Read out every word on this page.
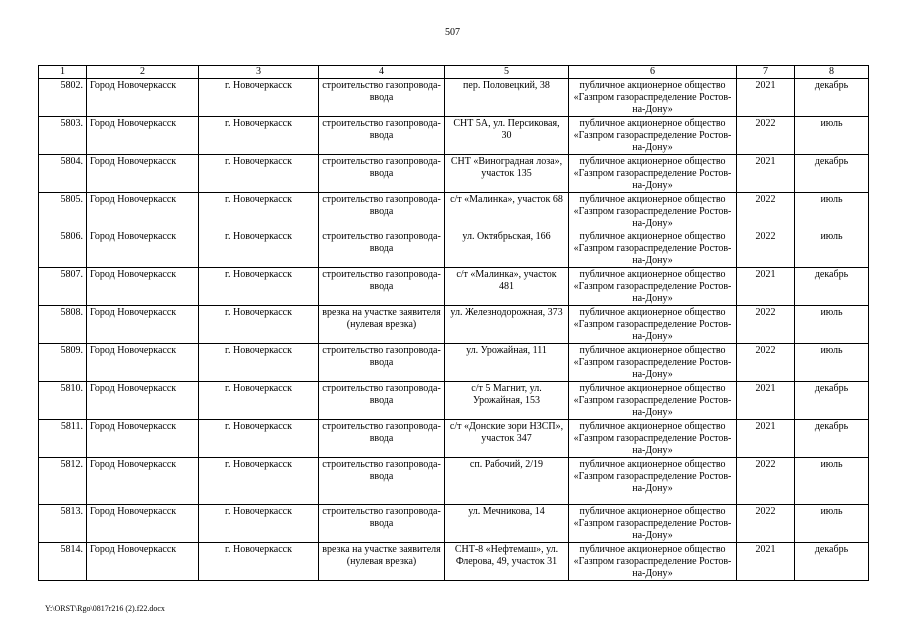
507
1	2	3	4	5	6	7	8
5802.	Город Новочеркасск	г. Новочеркасск	строительство газопровода-ввода	пер. Половецкий, 38	публичное акционерное общество «Газпром газораспределение Ростов-на-Дону»	2021	декабрь
5803.	Город Новочеркасск	г. Новочеркасск	строительство газопровода-ввода	СНТ 5А, ул. Персиковая, 30	публичное акционерное общество «Газпром газораспределение Ростов-на-Дону»	2022	июль
5804.	Город Новочеркасск	г. Новочеркасск	строительство газопровода-ввода	СНТ «Виноградная лоза», участок 135	публичное акционерное общество «Газпром газораспределение Ростов-на-Дону»	2021	декабрь
5805.	Город Новочеркасск	г. Новочеркасск	строительство газопровода-ввода	с/т «Малинка», участок 68	публичное акционерное общество «Газпром газораспределение Ростов-на-Дону»	2022	июль
5806.	Город Новочеркасск	г. Новочеркасск	строительство газопровода-ввода	ул. Октябрьская, 166	публичное акционерное общество «Газпром газораспределение Ростов-на-Дону»	2022	июль
5807.	Город Новочеркасск	г. Новочеркасск	строительство газопровода-ввода	с/т «Малинка», участок 481	публичное акционерное общество «Газпром газораспределение Ростов-на-Дону»	2021	декабрь
5808.	Город Новочеркасск	г. Новочеркасск	врезка на участке заявителя (нулевая врезка)	ул. Железнодорожная, 373	публичное акционерное общество «Газпром газораспределение Ростов-на-Дону»	2022	июль
5809.	Город Новочеркасск	г. Новочеркасск	строительство газопровода-ввода	ул. Урожайная, 111	публичное акционерное общество «Газпром газораспределение Ростов-на-Дону»	2022	июль
5810.	Город Новочеркасск	г. Новочеркасск	строительство газопровода-ввода	с/т 5 Магнит, ул. Урожайная, 153	публичное акционерное общество «Газпром газораспределение Ростов-на-Дону»	2021	декабрь
5811.	Город Новочеркасск	г. Новочеркасск	строительство газопровода-ввода	с/т «Донские зори НЗСП», участок 347	публичное акционерное общество «Газпром газораспределение Ростов-на-Дону»	2021	декабрь
5812.	Город Новочеркасск	г. Новочеркасск	строительство газопровода-ввода	сп. Рабочий, 2/19	публичное акционерное общество «Газпром газораспределение Ростов-на-Дону»	2022	июль
5813.	Город Новочеркасск	г. Новочеркасск	строительство газопровода-ввода	ул. Мечникова, 14	публичное акционерное общество «Газпром газораспределение Ростов-на-Дону»	2022	июль
5814.	Город Новочеркасск	г. Новочеркасск	врезка на участке заявителя (нулевая врезка)	СНТ-8 «Нефтемаш», ул. Флерова, 49, участок 31	публичное акционерное общество «Газпром газораспределение Ростов-на-Дону»	2021	декабрь
Y:\ORST\Rgo\0817r216 (2).f22.docx
